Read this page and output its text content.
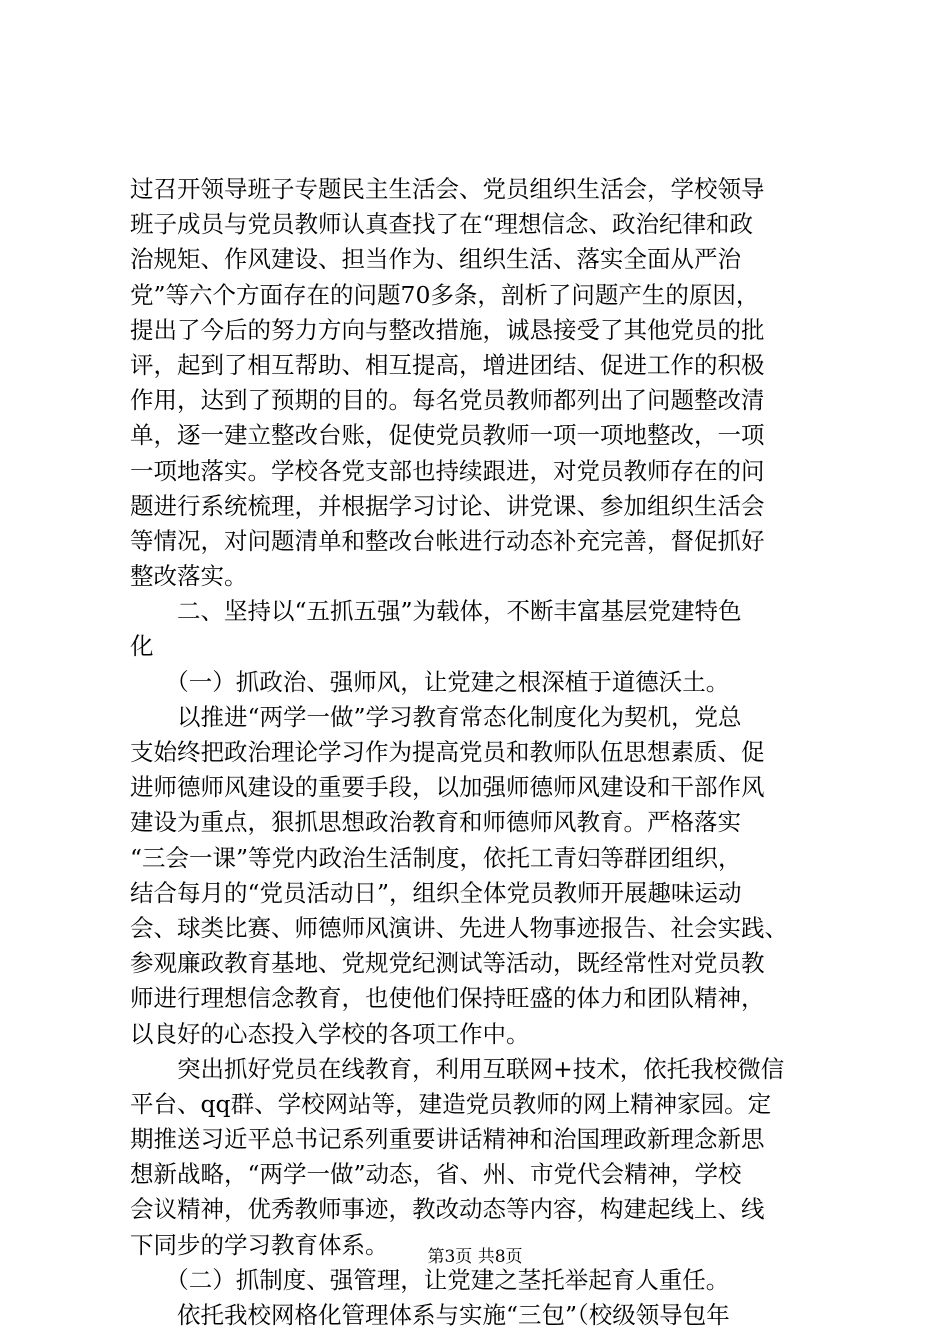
过召开领导班子专题民主生活会、党员组织生活会，学校领导
班子成员与党员教师认真查找了在“理想信念、政治纪律和政
治规矩、作风建设、担当作为、组织生活、落实全面从严治
党”等六个方面存在的问题70多条，剖析了问题产生的原因，
提出了今后的努力方向与整改措施，诚恳接受了其他党员的批
评，起到了相互帮助、相互提高，增进团结、促进工作的积极
作用，达到了预期的目的。每名党员教师都列出了问题整改清
单，逐一建立整改台账，促使党员教师一项一项地整改，一项
一项地落实。学校各党支部也持续跟进，对党员教师存在的问
题进行系统梳理，并根据学习讨论、讲党课、参加组织生活会
等情况，对问题清单和整改台帐进行动态补充完善，督促抓好
整改落实。
　　二、坚持以“五抓五强”为载体，不断丰富基层党建特色
化
　　（一）抓政治、强师风，让党建之根深植于道德沃土。
　　以推进“两学一做”学习教育常态化制度化为契机，党总
支始终把政治理论学习作为提高党员和教师队伍思想素质、促
进师德师风建设的重要手段，以加强师德师风建设和干部作风
建设为重点，狠抓思想政治教育和师德师风教育。严格落实
“三会一课”等党内政治生活制度，依托工青妇等群团组织，
结合每月的“党员活动日”，组织全体党员教师开展趣味运动
会、球类比赛、师德师风演讲、先进人物事迹报告、社会实践、
参观廉政教育基地、党规党纪测试等活动，既经常性对党员教
师进行理想信念教育，也使他们保持旺盛的体力和团队精神，
以良好的心态投入学校的各项工作中。
　　突出抓好党员在线教育，利用互联网+技术，依托我校微信
平台、qq群、学校网站等，建造党员教师的网上精神家园。定
期推送习近平总书记系列重要讲话精神和治国理政新理念新思
想新战略，“两学一做”动态，省、州、市党代会精神，学校
会议精神，优秀教师事迹，教改动态等内容，构建起线上、线
下同步的学习教育体系。
　　（二）抓制度、强管理，让党建之茎托举起育人重任。
　　依托我校网格化管理体系与实施“三包”（校级领导包年
第3页 共8页
